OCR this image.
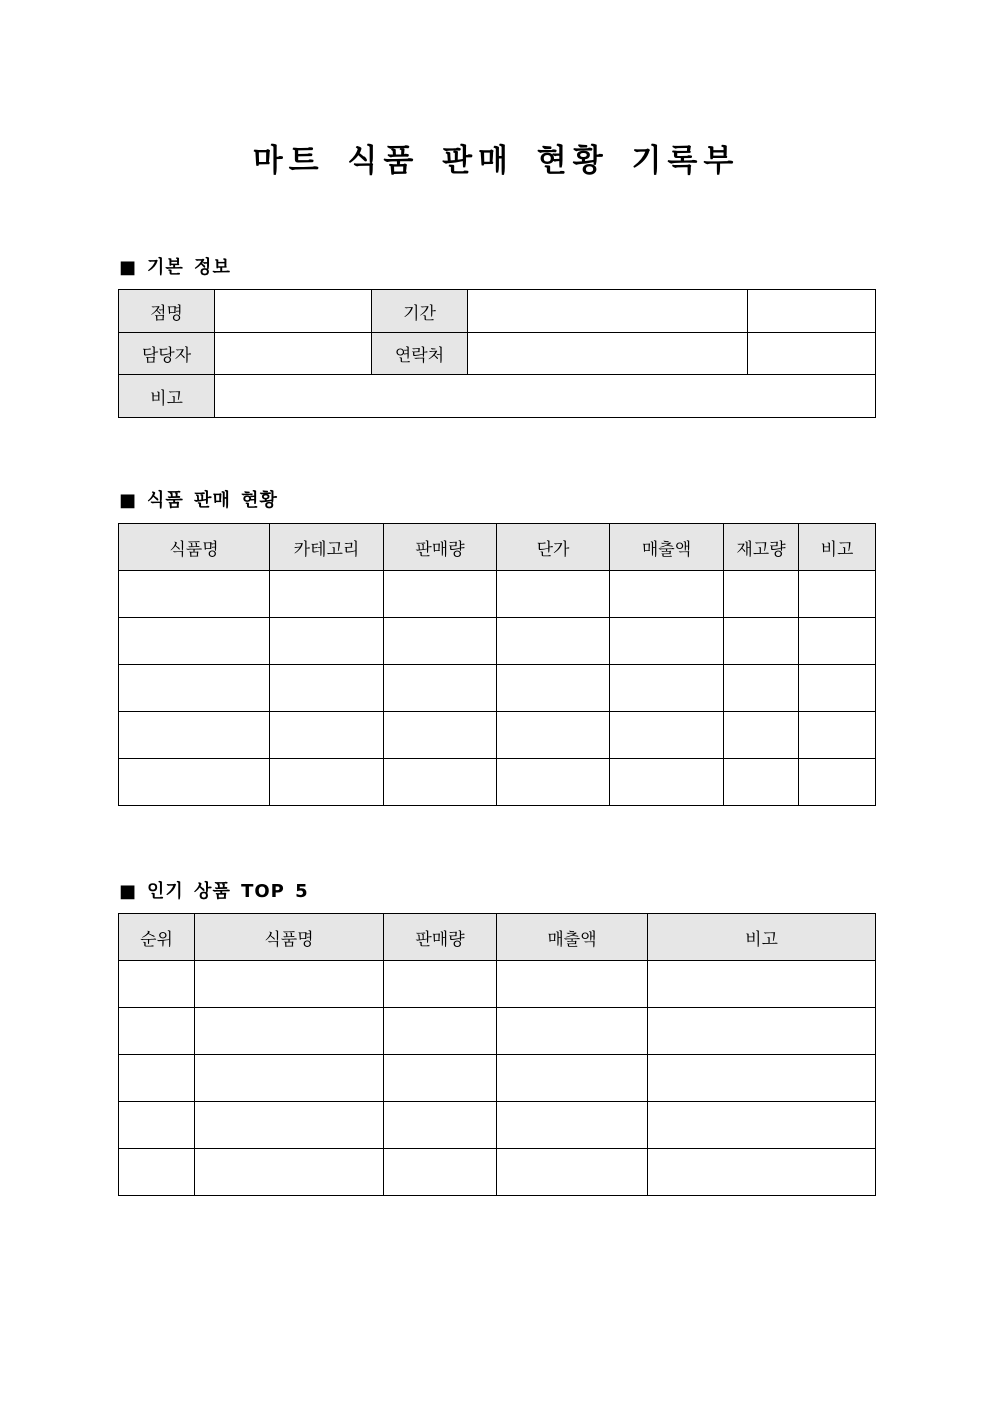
마트 식품 판매 현황 기록부
■ 기본 정보
점명		기간		
담당자		연락처		
비고				
■ 식품 판매 현황
식품명	카테고리	판매량	단가	매출액	재고량	비고

■ 인기 상품 TOP 5
순위	식품명	판매량	매출액	비고
